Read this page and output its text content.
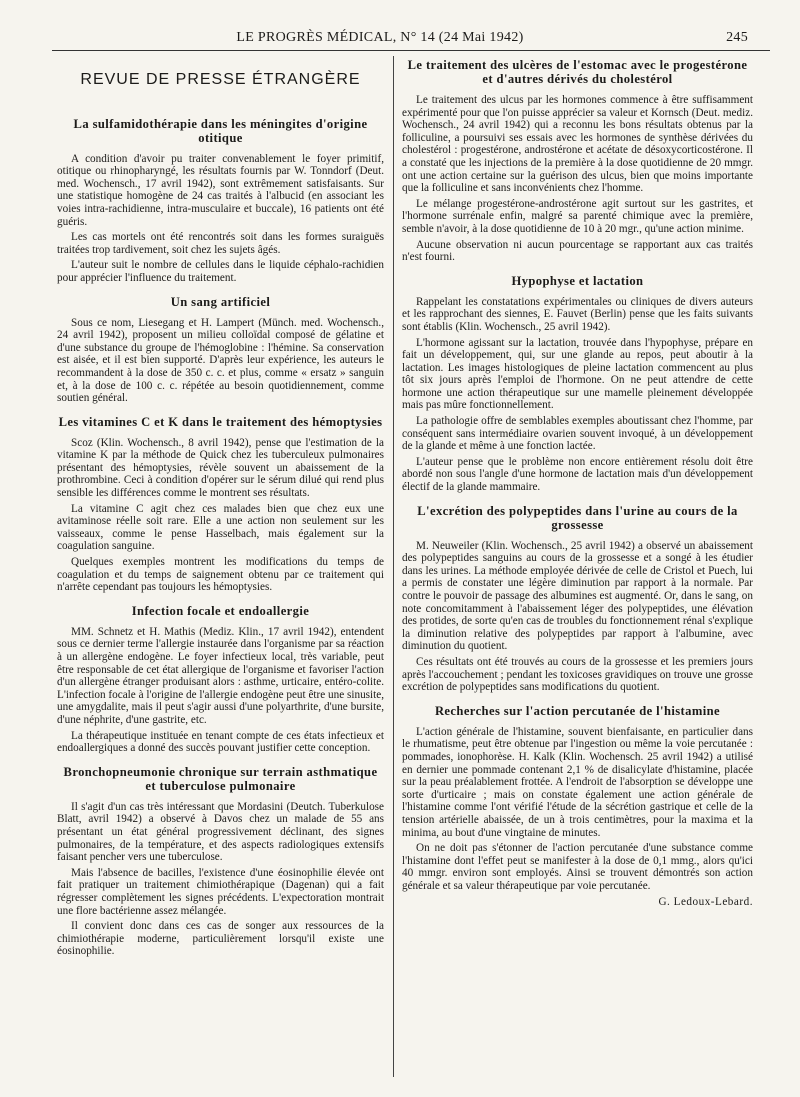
LE PROGRÈS MÉDICAL, N° 14 (24 Mai 1942)	245
REVUE DE PRESSE ÉTRANGÈRE
La sulfamidothérapie dans les méningites d'origine otitique

A condition d'avoir pu traiter convenablement le foyer primitif, otitique ou rhinopharyngé, les résultats fournis par W. Tonndorf (Deut. med. Wochensch., 17 avril 1942), sont extrêmement satisfaisants. Sur une statistique homogène de 24 cas traités à l'albucid (en associant les voies intra-rachidienne, intra-musculaire et buccale), 16 patients ont été guéris.

Les cas mortels ont été rencontrés soit dans les formes suraiguës traitées trop tardivement, soit chez les sujets âgés.

L'auteur suit le nombre de cellules dans le liquide céphalo-rachidien pour apprécier l'influence du traitement.

Un sang artificiel

Sous ce nom, Liesegang et H. Lampert (Münch. med. Wochensch., 24 avril 1942), proposent un milieu colloïdal composé de gélatine et d'une substance du groupe de l'hémoglobine : l'hémine. Sa conservation est aisée, et il est bien supporté. D'après leur expérience, les auteurs le recommandent à la dose de 350 c. c. et plus, comme « ersatz » sanguin et, à la dose de 100 c. c. répétée au besoin quotidiennement, comme soutien général.

Les vitamines C et K dans le traitement des hémoptysies

Scoz (Klin. Wochensch., 8 avril 1942), pense que l'estimation de la vitamine K par la méthode de Quick chez les tuberculeux pulmonaires présentant des hémoptysies, révèle souvent un abaissement de la prothrombine. Ceci à condition d'opérer sur le sérum dilué qui rend plus sensible les différences comme le montrent ses résultats.

La vitamine C agit chez ces malades bien que chez eux une avitaminose réelle soit rare. Elle a une action non seulement sur les vaisseaux, comme le pense Hasselbach, mais également sur la coagulation sanguine.

Quelques exemples montrent les modifications du temps de coagulation et du temps de saignement obtenu par ce traitement qui n'arrête cependant pas toujours les hémoptysies.

Infection focale et endoallergie

MM. Schnetz et H. Mathis (Mediz. Klin., 17 avril 1942), entendent sous ce dernier terme l'allergie instaurée dans l'organisme par sa réaction à un allergène endogène. Le foyer infectieux local, très variable, peut être responsable de cet état allergique de l'organisme et favoriser l'action d'un allergène étranger produisant alors : asthme, urticaire, entéro-colite. L'infection focale à l'origine de l'allergie endogène peut être une sinusite, une amygdalite, mais il peut s'agir aussi d'une polyarthrite, d'une bursite, d'une néphrite, d'une gastrite, etc.

La thérapeutique instituée en tenant compte de ces états infectieux et endoallergiques a donné des succès pouvant justifier cette conception.

Bronchopneumonie chronique sur terrain asthmatique et tuberculose pulmonaire

Il s'agit d'un cas très intéressant que Mordasini (Deutch. Tuberkulose Blatt, avril 1942) a observé à Davos chez un malade de 55 ans présentant un état général progressivement déclinant, des signes pulmonaires, de la température, et des aspects radiologiques extensifs faisant pencher vers une tuberculose.

Mais l'absence de bacilles, l'existence d'une éosinophilie élevée ont fait pratiquer un traitement chimiothérapique (Dagenan) qui a fait régresser complètement les signes précédents. L'expectoration montrait une flore bactérienne assez mélangée.

Il convient donc dans ces cas de songer aux ressources de la chimiothérapie moderne, particulièrement lorsqu'il existe une éosinophilie.

Le traitement des ulcères de l'estomac avec le progestérone et d'autres dérivés du cholestérol

Le traitement des ulcus par les hormones commence à être suffisamment expérimenté pour que l'on puisse apprécier sa valeur et Kornsch (Deut. mediz. Wochensch., 24 avril 1942) qui a reconnu les bons résultats obtenus par la folliculine, a poursuivi ses essais avec les hormones de synthèse dérivées du cholestérol : progestérone, androstérone et acétate de désoxycorticostérone. Il a constaté que les injections de la première à la dose quotidienne de 20 mmgr. ont une action certaine sur la guérison des ulcus, bien que moins importante que la folliculine et sans inconvénients chez l'homme.

Le mélange progestérone-androstérone agit surtout sur les gastrites, et l'hormone surrénale enfin, malgré sa parenté chimique avec la première, semble n'avoir, à la dose quotidienne de 10 à 20 mgr., qu'une action minime.

Aucune observation ni aucun pourcentage se rapportant aux cas traités n'est fourni.

Hypophyse et lactation

Rappelant les constatations expérimentales ou cliniques de divers auteurs et les rapprochant des siennes, E. Fauvet (Berlin) pense que les faits suivants sont établis (Klin. Wochensch., 25 avril 1942).

L'hormone agissant sur la lactation, trouvée dans l'hypophyse, prépare en fait un développement, qui, sur une glande au repos, peut aboutir à la lactation. Les images histologiques de pleine lactation commencent au plus tôt six jours après l'emploi de l'hormone. On ne peut attendre de cette hormone une action thérapeutique sur une mamelle pleinement développée mais pas mûre fonctionnellement.

La pathologie offre de semblables exemples aboutissant chez l'homme, par conséquent sans intermédiaire ovarien souvent invoqué, à un développement de la glande et même à une fonction lactée.

L'auteur pense que le problème non encore entièrement résolu doit être abordé non sous l'angle d'une hormone de lactation mais d'un développement électif de la glande mammaire.

L'excrétion des polypeptides dans l'urine au cours de la grossesse

M. Neuweiler (Klin. Wochensch., 25 avril 1942) a observé un abaissement des polypeptides sanguins au cours de la grossesse et a songé à les étudier dans les urines. La méthode employée dérivée de celle de Cristol et Puech, lui a permis de constater une légère diminution par rapport à la normale. Par contre le pouvoir de passage des albumines est augmenté. Or, dans le sang, on note concomitamment à l'abaissement léger des polypeptides, une élévation des protides, de sorte qu'en cas de troubles du fonctionnement rénal s'explique la diminution relative des polypeptides par rapport à l'albumine, avec diminution du quotient.

Ces résultats ont été trouvés au cours de la grossesse et les premiers jours après l'accouchement ; pendant les toxicoses gravidiques on trouve une grosse excrétion de polypeptides sans modifications du quotient.

Recherches sur l'action percutanée de l'histamine

L'action générale de l'histamine, souvent bienfaisante, en particulier dans le rhumatisme, peut être obtenue par l'ingestion ou même la voie percutanée : pommades, ionophorèse. H. Kalk (Klin. Wochensch. 25 avril 1942) a utilisé en dernier une pommade contenant 2,1 % de disalicylate d'histamine, placée sur la peau préalablement frottée. A l'endroit de l'absorption se développe une sorte d'urticaire ; mais on constate également une action générale de l'histamine comme l'ont vérifié l'étude de la sécrétion gastrique et celle de la tension artérielle abaissée, de un à trois centimètres, pour la maxima et la minima, au bout d'une vingtaine de minutes.

On ne doit pas s'étonner de l'action percutanée d'une substance comme l'histamine dont l'effet peut se manifester à la dose de 0,1 mmg., alors qu'ici 40 mmgr. environ sont employés. Ainsi se trouvent démontrés son action générale et sa valeur thérapeutique par voie percutanée.

G. Ledoux-Lebard.
